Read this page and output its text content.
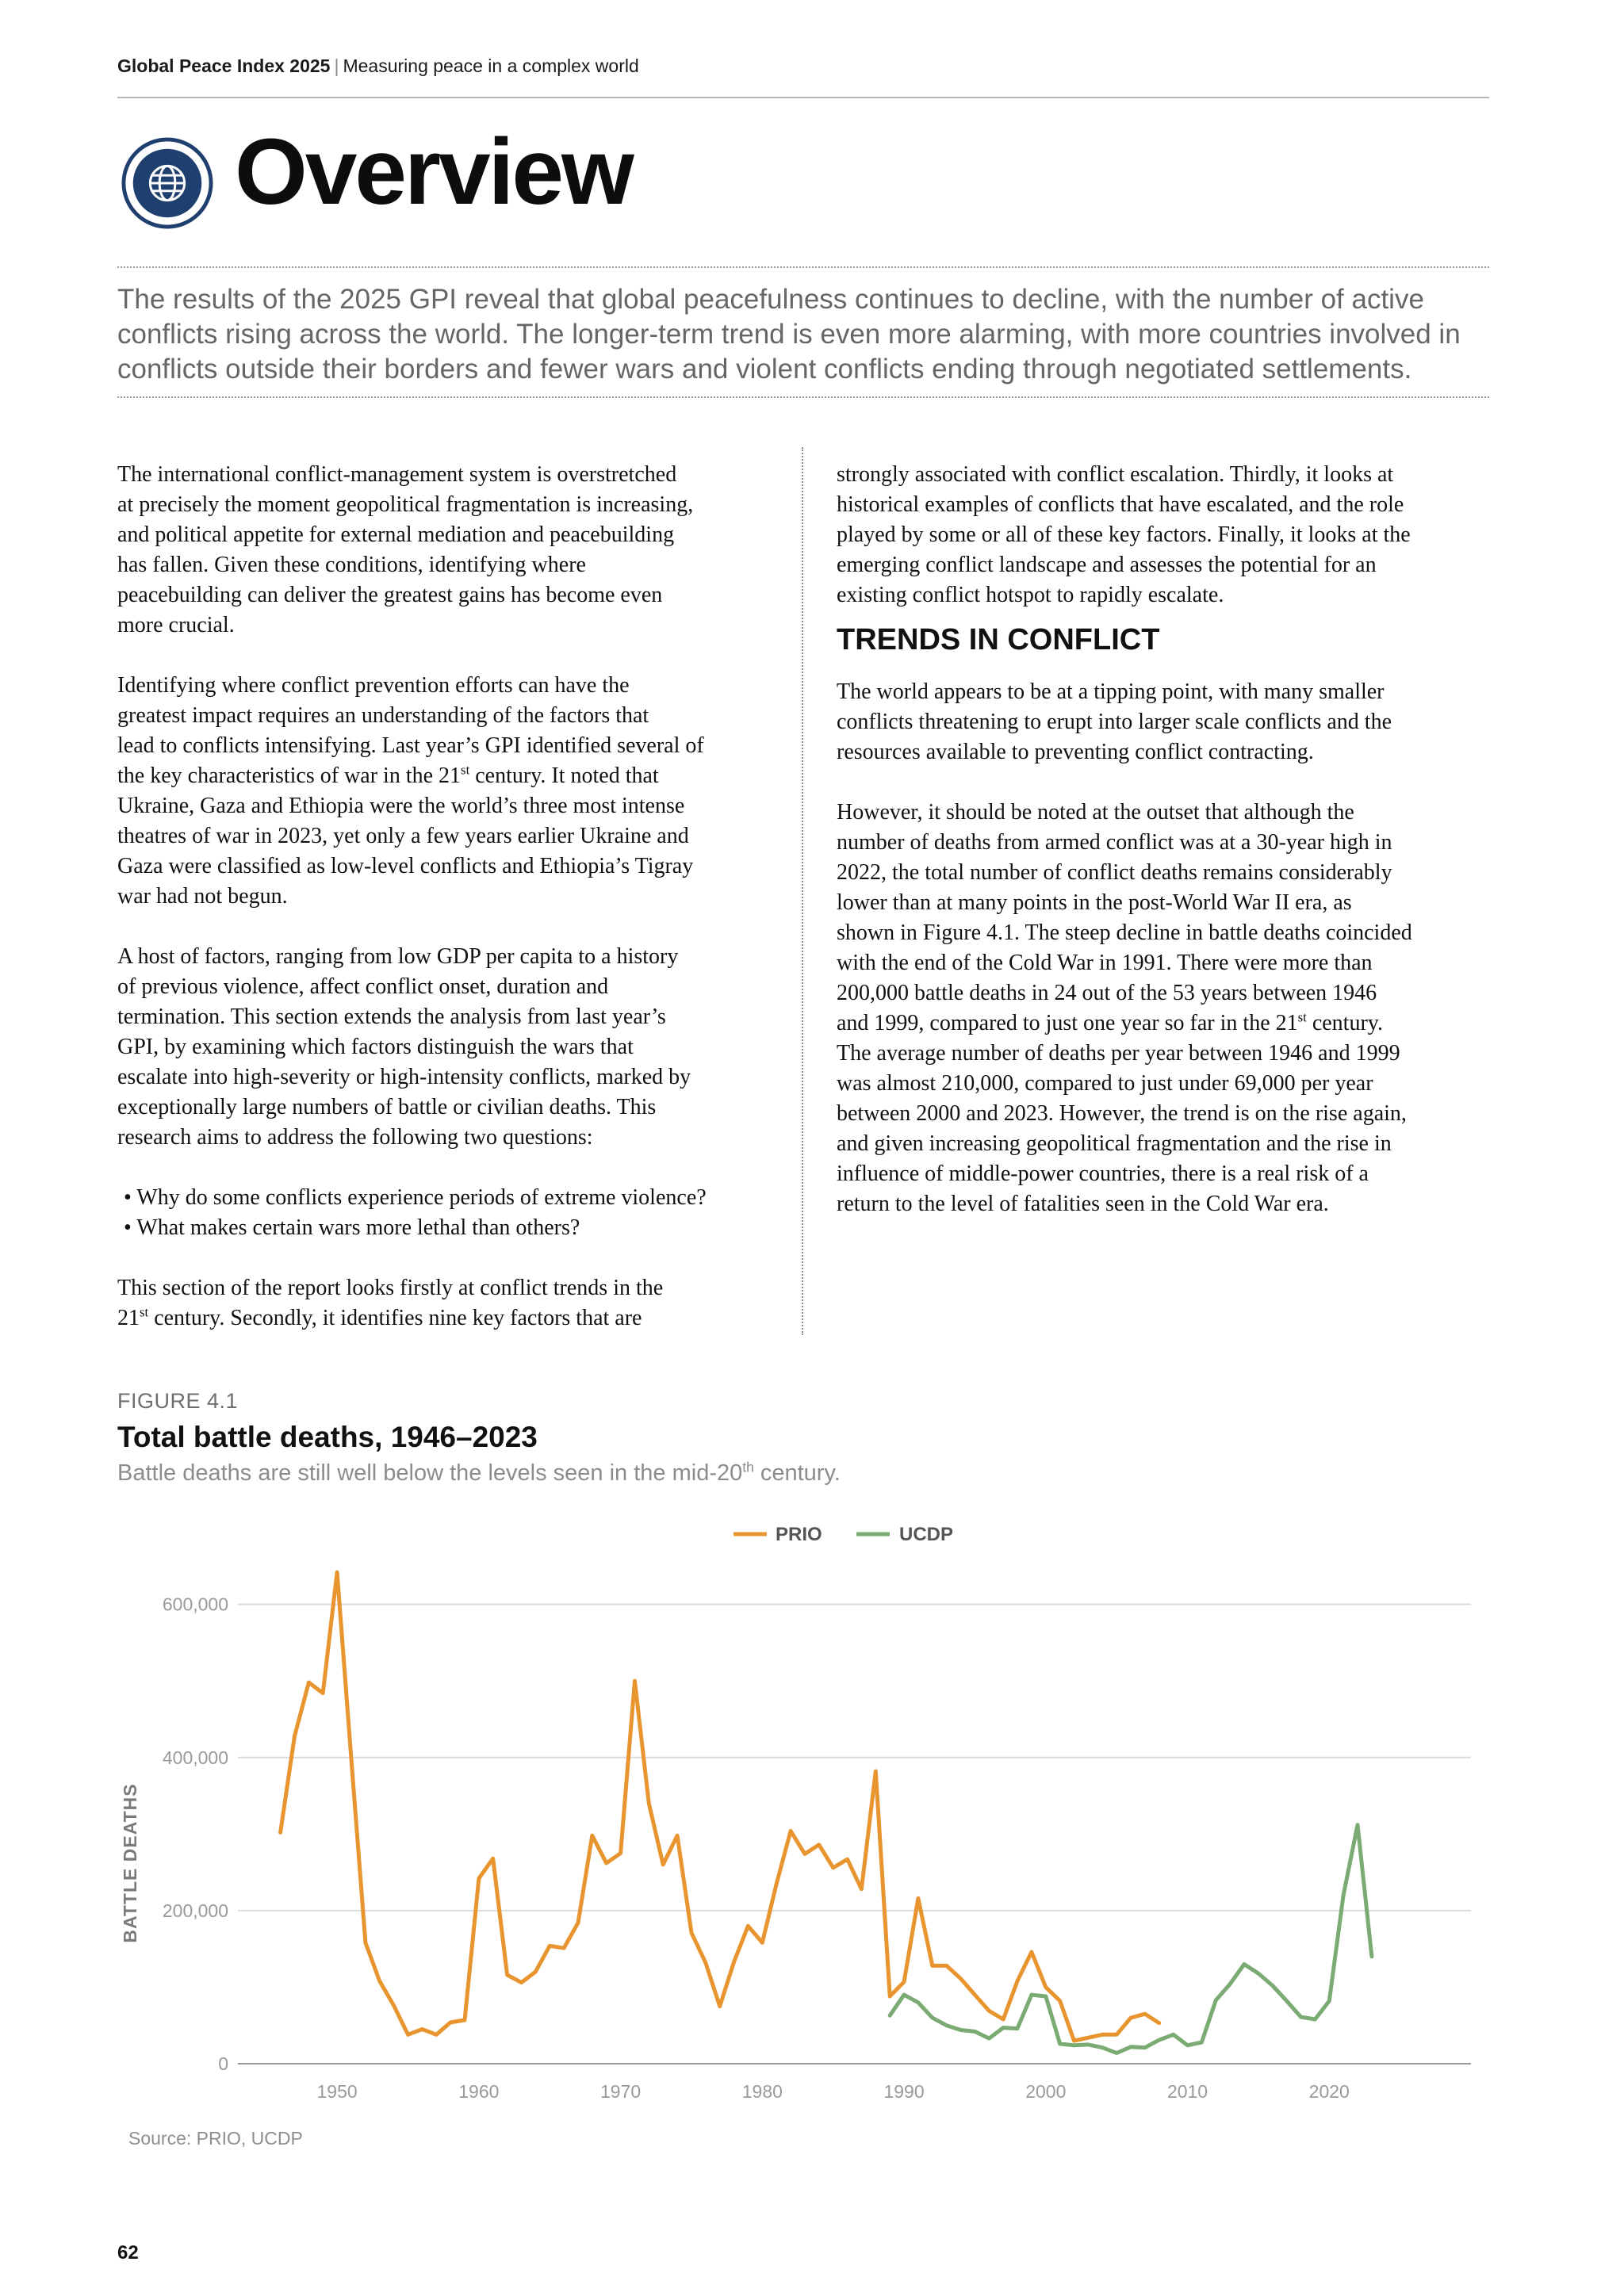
Global Peace Index 2025 | Measuring peace in a complex world
Overview
The results of the 2025 GPI reveal that global peacefulness continues to decline, with the number of active
conflicts rising across the world. The longer-term trend is even more alarming, with more countries involved in
conflicts outside their borders and fewer wars and violent conflicts ending through negotiated settlements.
The international conflict-management system is overstretched
at precisely the moment geopolitical fragmentation is increasing,
and political appetite for external mediation and peacebuilding
has fallen. Given these conditions, identifying where
peacebuilding can deliver the greatest gains has become even
more crucial.
Identifying where conflict prevention efforts can have the
greatest impact requires an understanding of the factors that
lead to conflicts intensifying. Last year’s GPI identified several of
the key characteristics of war in the 21st century. It noted that
Ukraine, Gaza and Ethiopia were the world’s three most intense
theatres of war in 2023, yet only a few years earlier Ukraine and
Gaza were classified as low-level conflicts and Ethiopia’s Tigray
war had not begun.
A host of factors, ranging from low GDP per capita to a history
of previous violence, affect conflict onset, duration and
termination. This section extends the analysis from last year’s
GPI, by examining which factors distinguish the wars that
escalate into high-severity or high-intensity conflicts, marked by
exceptionally large numbers of battle or civilian deaths. This
research aims to address the following two questions:
• Why do some conflicts experience periods of extreme violence?
• What makes certain wars more lethal than others?
This section of the report looks firstly at conflict trends in the
21st century. Secondly, it identifies nine key factors that are
strongly associated with conflict escalation. Thirdly, it looks at
historical examples of conflicts that have escalated, and the role
played by some or all of these key factors. Finally, it looks at the
emerging conflict landscape and assesses the potential for an
existing conflict hotspot to rapidly escalate.
TRENDS IN CONFLICT
The world appears to be at a tipping point, with many smaller
conflicts threatening to erupt into larger scale conflicts and the
resources available to preventing conflict contracting.
However, it should be noted at the outset that although the
number of deaths from armed conflict was at a 30-year high in
2022, the total number of conflict deaths remains considerably
lower than at many points in the post-World War II era, as
shown in Figure 4.1. The steep decline in battle deaths coincided
with the end of the Cold War in 1991. There were more than
200,000 battle deaths in 24 out of the 53 years between 1946
and 1999, compared to just one year so far in the 21st century.
The average number of deaths per year between 1946 and 1999
was almost 210,000, compared to just under 69,000 per year
between 2000 and 2023. However, the trend is on the rise again,
and given increasing geopolitical fragmentation and the rise in
influence of middle-power countries, there is a real risk of a
return to the level of fatalities seen in the Cold War era.
FIGURE 4.1
Total battle deaths, 1946–2023
Battle deaths are still well below the levels seen in the mid-20th century.
0
200,000
400,000
600,000
1950	1960	1970	1980	1990	2000	2010	2020
BATTLE DEATHS
PRIO	UCDP
Source: PRIO, UCDP
62
